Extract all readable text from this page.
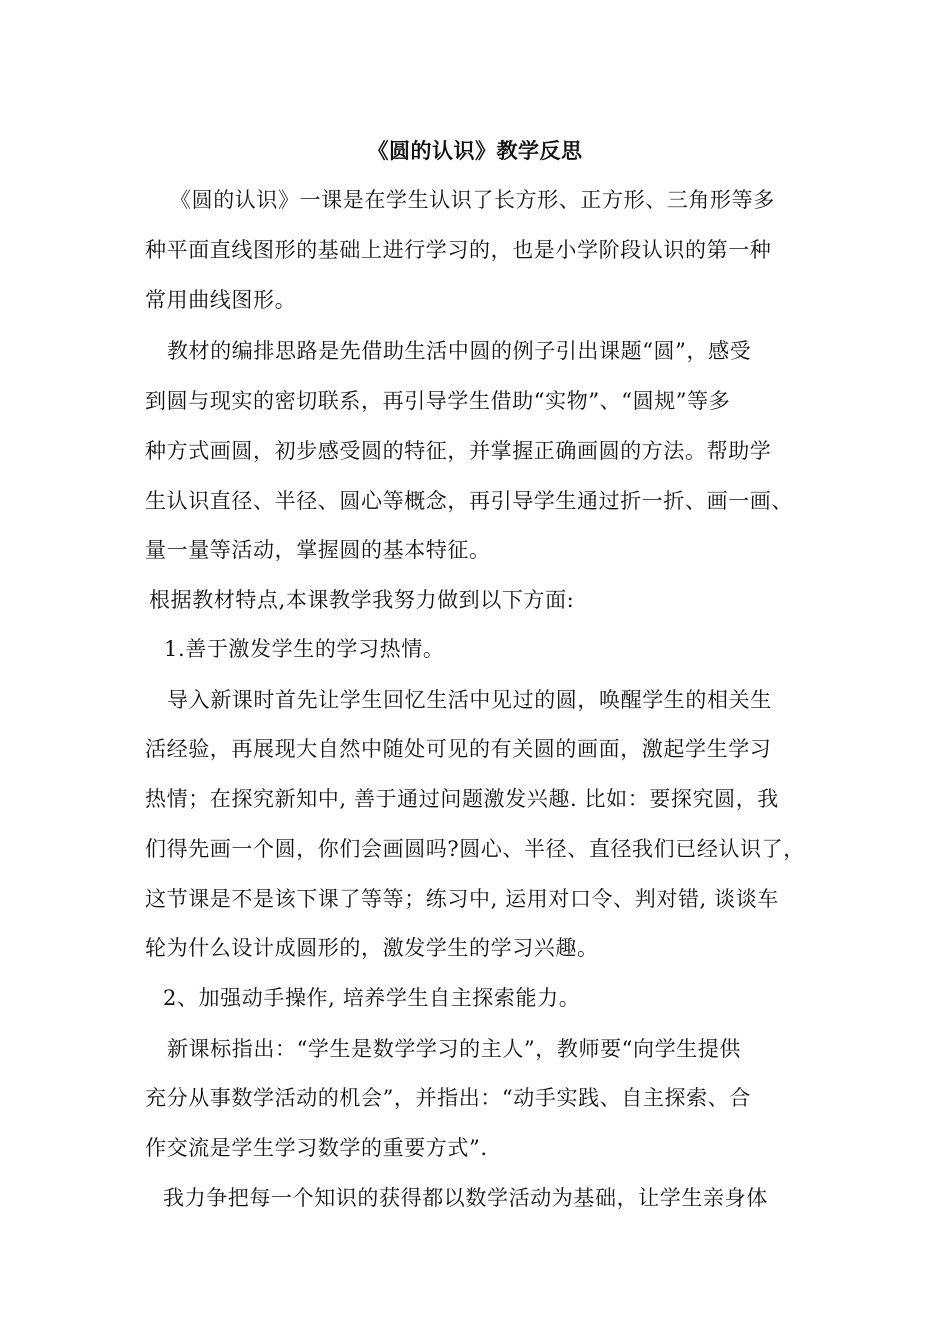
《圆的认识》教学反思
《圆的认识》一课是在学生认识了长方形、正方形、三角形等多
种平面直线图形的基础上进行学习的，也是小学阶段认识的第一种
常用曲线图形。
教材的编排思路是先借助生活中圆的例子引出课题“圆”，感受
到圆与现实的密切联系，再引导学生借助“实物”、“圆规”等多
种方式画圆，初步感受圆的特征，并掌握正确画圆的方法。帮助学
生认识直径、半径、圆心等概念，再引导学生通过折一折、画一画、
量一量等活动，掌握圆的基本特征。
根据教材特点,本课教学我努力做到以下方面:
1.善于激发学生的学习热情。
导入新课时首先让学生回忆生活中见过的圆，唤醒学生的相关生
活经验，再展现大自然中随处可见的有关圆的画面，激起学生学习
热情；在探究新知中, 善于通过问题激发兴趣. 比如：要探究圆，我
们得先画一个圆，你们会画圆吗?圆心、半径、直径我们已经认识了，
这节课是不是该下课了等等；练习中, 运用对口令、判对错, 谈谈车
轮为什么设计成圆形的，激发学生的学习兴趣。
2、加强动手操作, 培养学生自主探索能力。
新课标指出：“学生是数学学习的主人”，教师要“向学生提供
充分从事数学活动的机会”，并指出：“动手实践、自主探索、合
作交流是学生学习数学的重要方式”.
我力争把每一个知识的获得都以数学活动为基础，让学生亲身体
